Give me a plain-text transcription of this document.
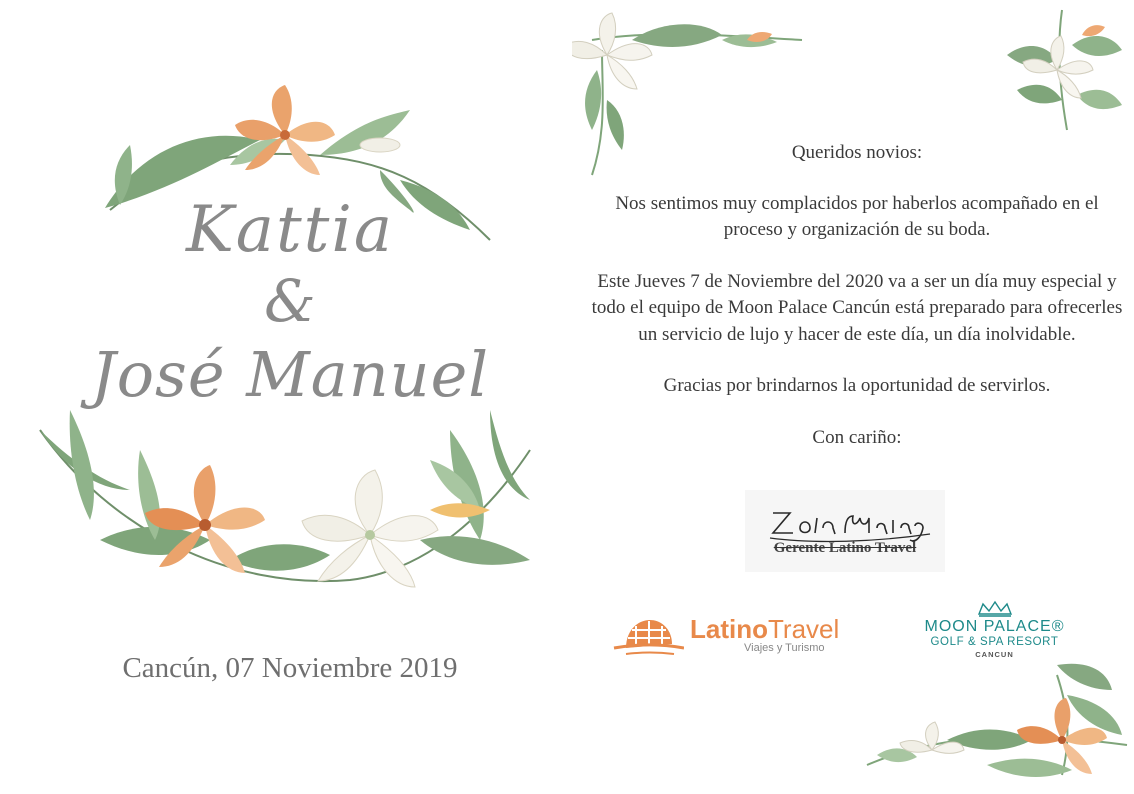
Kattia
&
José Manuel
Cancún, 07 Noviembre 2019

Queridos novios:

Nos sentimos muy complacidos por haberlos acompañado en el proceso y organización de su boda.

Este Jueves 7 de Noviembre del 2020 va a ser un día muy especial y todo el equipo de Moon Palace Cancún está preparado para ofrecerles un servicio de lujo y hacer de este día, un día inolvidable.

Gracias por brindarnos la oportunidad de servirlos.

Con cariño:

Gerente Latino Travel
LatinoTravel
Viajes y Turismo
MOON PALACE®
GOLF & SPA RESORT
CANCUN
